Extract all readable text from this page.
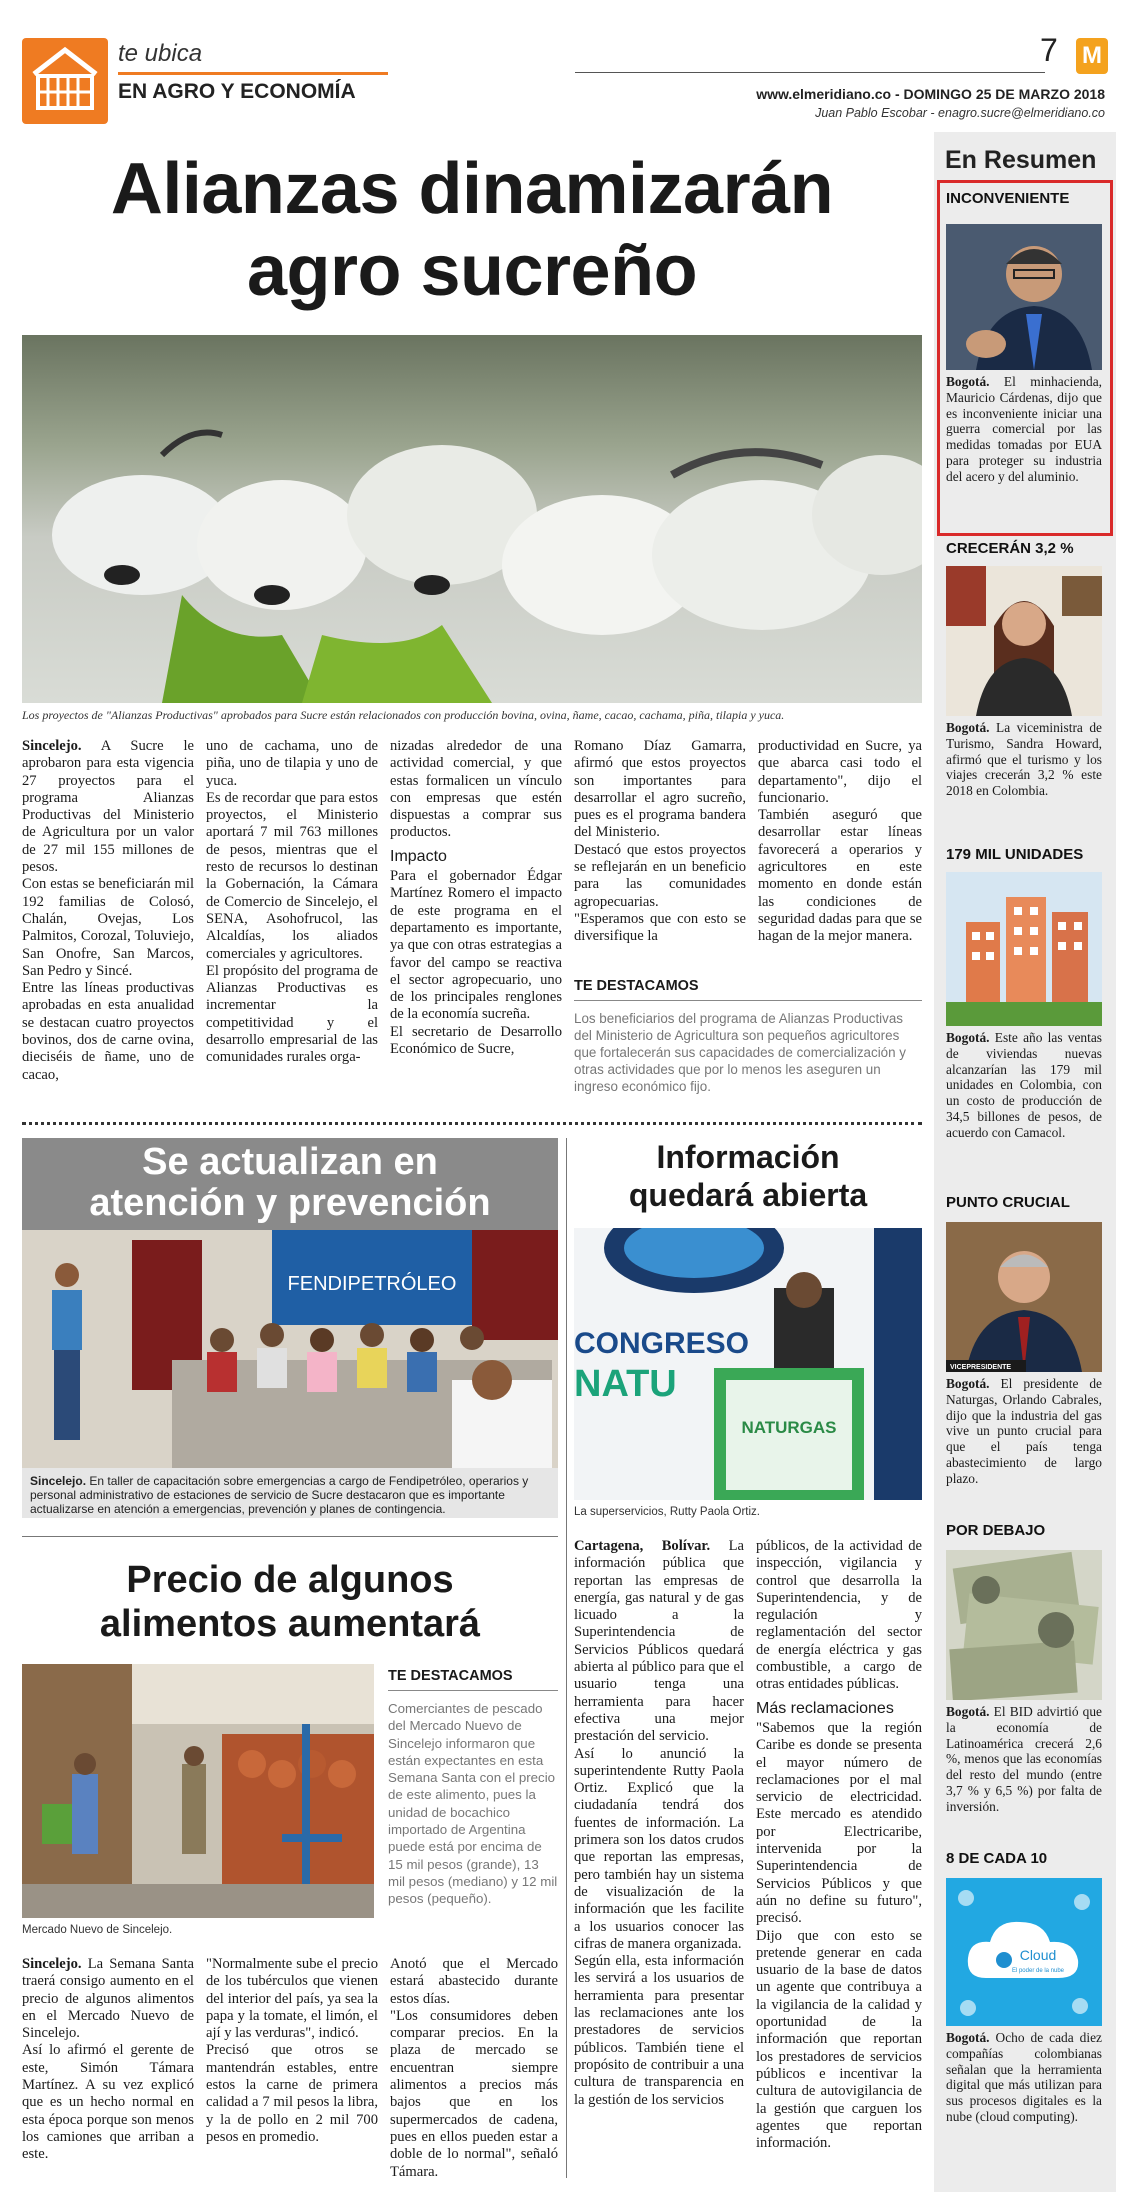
te ubica
EN AGRO Y ECONOMÍA
7 M
www.elmeridiano.co - DOMINGO 25 DE MARZO 2018
Juan Pablo Escobar - enagro.sucre@elmeridiano.co
Alianzas dinamizarán
agro sucreño
Los proyectos de "Alianzas Productivas" aprobados para Sucre están relacionados con producción bovina, ovina, ñame, cacao, cachama, piña, tilapia y yuca.

Sincelejo. A Sucre le aprobaron para esta vigencia 27 proyectos para el programa Alianzas Productivas del Ministerio de Agricultura por un valor de 27 mil 155 millones de pesos.

Con estas se beneficiarán mil 192 familias de Colosó, Chalán, Ovejas, Los Palmitos, Corozal, Toluviejo, San Onofre, San Marcos, San Pedro y Sincé.

Entre las líneas productivas aprobadas en esta anualidad se destacan cuatro proyectos bovinos, dos de carne ovina, dieciséis de ñame, uno de cacao,

uno de cachama, uno de piña, uno de tilapia y uno de yuca.

Es de recordar que para estos proyectos, el Ministerio aportará 7 mil 763 millones de pesos, mientras que el resto de recursos lo destinan la Gobernación, la Cámara de Comercio de Sincelejo, el SENA, Asohofrucol, las Alcaldías, los aliados comerciales y agricultores.

El propósito del programa de Alianzas Productivas es incrementar la competitividad y el desarrollo empresarial de las comunidades rurales orga-

nizadas alrededor de una actividad comercial, y que estas formalicen un vínculo con empresas que estén dispuestas a comprar sus productos.

Impacto

Para el gobernador Édgar Martínez Romero el impacto de este programa en el departamento es importante, ya que con otras estrategias a favor del campo se reactiva el sector agropecuario, uno de los principales renglones de la economía sucreña.

El secretario de Desarrollo Económico de Sucre,

Romano Díaz Gamarra, afirmó que estos proyectos son importantes para desarrollar el agro sucreño, pues es el programa bandera del Ministerio.

Destacó que estos proyectos se reflejarán en un beneficio para las comunidades agropecuarias.

"Esperamos que con esto se diversifique la

productividad en Sucre, ya que abarca casi todo el departamento", dijo el funcionario.

También aseguró que desarrollar estar líneas favorecerá a operarios y agricultores en este momento en donde están las condiciones de seguridad dadas para que se hagan de la mejor manera.

TE DESTACAMOS
Los beneficiarios del programa de Alianzas Productivas del Ministerio de Agricultura son pequeños agricultores que fortalecerán sus capacidades de comercialización y otras actividades que por lo menos les aseguren un ingreso económico fijo.
Se actualizan en
atención y prevención
FENDIPETRÓLEO
Sincelejo. En taller de capacitación sobre emergencias a cargo de Fendipetróleo, operarios y personal administrativo de estaciones de servicio de Sucre destacaron que es importante actualizarse en atención a emergencias, prevención y planes de contingencia.
Información
quedará abierta
CONGRESO
NATU
NATURGAS
La superservicios, Rutty Paola Ortiz.

Cartagena, Bolívar. La información pública que reportan las empresas de energía, gas natural y de gas licuado a la Superintendencia de Servicios Públicos quedará abierta al público para que el usuario tenga una herramienta para hacer efectiva una mejor prestación del servicio.

Así lo anunció la superintendente Rutty Paola Ortiz. Explicó que la ciudadanía tendrá dos fuentes de información. La primera son los datos crudos que reportan las empresas, pero también hay un sistema de visualización de la información que les facilite a los usuarios conocer las cifras de manera organizada.

Según ella, esta información les servirá a los usuarios de herramienta para presentar las reclamaciones ante los prestadores de servicios públicos. También tiene el propósito de contribuir a una cultura de transparencia en la gestión de los servicios

públicos, de la actividad de inspección, vigilancia y control que desarrolla la Superintendencia, y de regulación y reglamentación del sector de energía eléctrica y gas combustible, a cargo de otras entidades públicas.

Más reclamaciones

"Sabemos que la región Caribe es donde se presenta el mayor número de reclamaciones por el mal servicio de electricidad. Este mercado es atendido por Electricaribe, intervenida por la Superintendencia de Servicios Públicos y que aún no define su futuro", precisó.

Dijo que con esto se pretende generar en cada usuario de la base de datos un agente que contribuya a la vigilancia de la calidad y oportunidad de la información que reportan los prestadores de servicios públicos e incentivar la cultura de autovigilancia de la gestión que carguen los agentes que reportan información.

Precio de algunos
alimentos aumentará
Mercado Nuevo de Sincelejo.
TE DESTACAMOS
Comerciantes de pescado del Mercado Nuevo de Sincelejo informaron que están expectantes en esta Semana Santa con el precio de este alimento, pues la unidad de bocachico importado de Argentina puede está por encima de 15 mil pesos (grande), 13 mil pesos (mediano) y 12 mil pesos (pequeño).

Sincelejo. La Semana Santa traerá consigo aumento en el precio de algunos alimentos en el Mercado Nuevo de Sincelejo.

Así lo afirmó el gerente de este, Simón Támara Martínez. A su vez explicó que es un hecho normal en esta época porque son menos los camiones que arriban a este.

"Normalmente sube el precio de los tubérculos que vienen del interior del país, ya sea la papa y la tomate, el limón, el ají y las verduras", indicó.

Precisó que otros se mantendrán estables, entre estos la carne de primera calidad a 7 mil pesos la libra, y la de pollo en 2 mil 700 pesos en promedio.

Anotó que el Mercado estará abastecido durante estos días.

"Los consumidores deben comparar precios. En la plaza de mercado se encuentran siempre alimentos a precios más bajos que en los supermercados de cadena, pues en ellos pueden estar a doble de lo normal", señaló Támara.

En Resumen
INCONVENIENTE
Bogotá. El minhacienda, Mauricio Cárdenas, dijo que es inconveniente iniciar una guerra comercial por las medidas tomadas por EUA para proteger su industria del acero y del aluminio.
CRECERÁN 3,2 %
Bogotá. La viceministra de Turismo, Sandra Howard, afirmó que el turismo y los viajes crecerán 3,2 % este 2018 en Colombia.
179 MIL UNIDADES
Bogotá. Este año las ventas de viviendas nuevas alcanzarían las 179 mil unidades en Colombia, con un costo de producción de 34,5 billones de pesos, de acuerdo con Camacol.
PUNTO CRUCIAL
VICEPRESIDENTE
Bogotá. El presidente de Naturgas, Orlando Cabrales, dijo que la industria del gas vive un punto crucial para que el país tenga abastecimiento de largo plazo.
POR DEBAJO
Bogotá. El BID advirtió que la economía de Latinoamérica crecerá 2,6 %, menos que las economías del resto del mundo (entre 3,7 % y 6,5 %) por falta de inversión.
8 DE CADA 10
Cloud
El poder de la nube
Bogotá. Ocho de cada diez compañías colombianas señalan que la herramienta digital que más utilizan para sus procesos digitales es la nube (cloud computing).
